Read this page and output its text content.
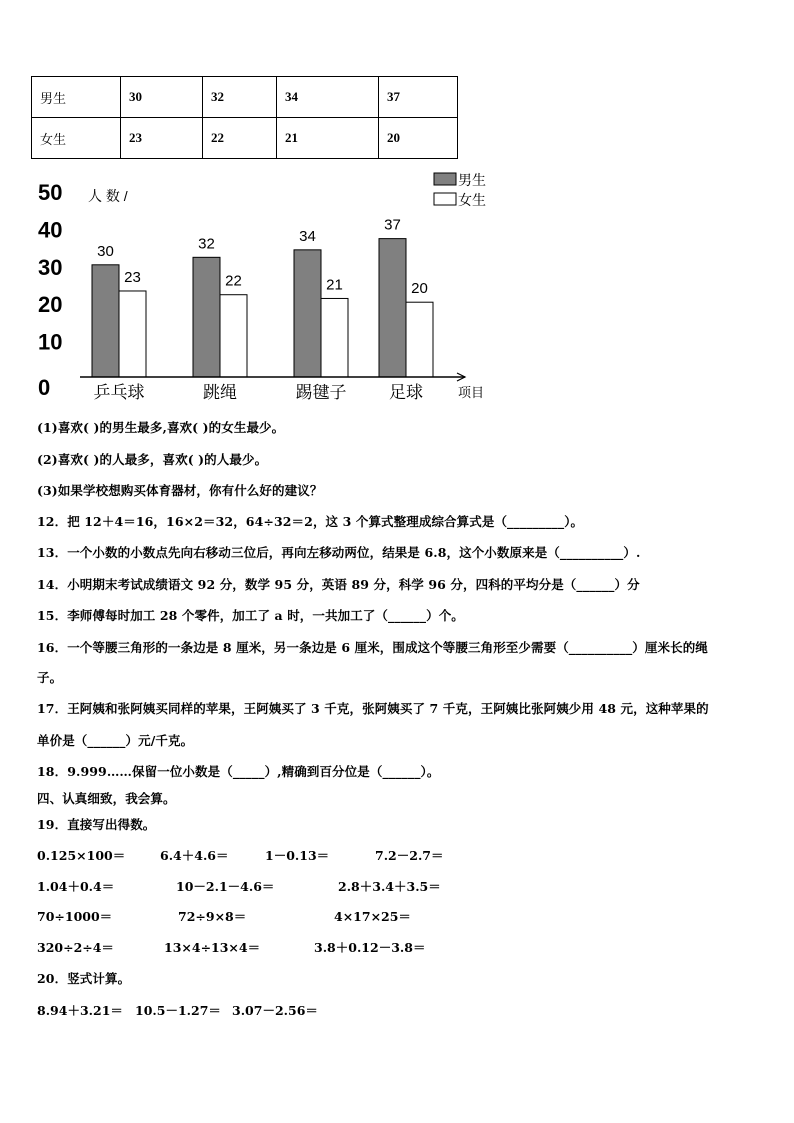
男生	30	32	34	37
女生	23	22	21	20
0
10
20
30
40
50 人 数 /
30
23
乒乓球
32
22
跳绳
34
21
踢毽子
37
20
足球	项目
男生
女生
(1)喜欢( )的男生最多,喜欢( )的女生最少。
(2)喜欢( )的人最多，喜欢( )的人最少。
(3)如果学校想购买体育器材，你有什么好的建议？
12．把 12＋4＝16，16×2＝32，64÷32＝2，这 3 个算式整理成综合算式是（_________）。
13．一个小数的小数点先向右移动三位后，再向左移动两位，结果是 6.8，这个小数原来是（__________）.
14．小明期末考试成绩语文 92 分，数学 95 分，英语 89 分，科学 96 分，四科的平均分是（______）分
15．李师傅每时加工 28 个零件，加工了 a 时，一共加工了（______）个。
16．一个等腰三角形的一条边是 8 厘米，另一条边是 6 厘米，围成这个等腰三角形至少需要（__________）厘米长的绳
子。
17．王阿姨和张阿姨买同样的苹果，王阿姨买了 3 千克，张阿姨买了 7 千克，王阿姨比张阿姨少用 48 元，这种苹果的
单价是（______）元/千克。
18．9.999……保留一位小数是（_____）,精确到百分位是（______）。
四、认真细致，我会算。
19．直接写出得数。
0.125×100＝	6.4＋4.6＝	1－0.13＝	7.2－2.7＝
1.04＋0.4＝	10－2.1－4.6＝	2.8＋3.4＋3.5＝
70÷1000＝	72÷9×8＝	4×17×25＝
320÷2÷4＝	13×4÷13×4＝	3.8＋0.12－3.8＝
20．竖式计算。
8.94＋3.21＝ 10.5－1.27＝ 3.07－2.56＝
